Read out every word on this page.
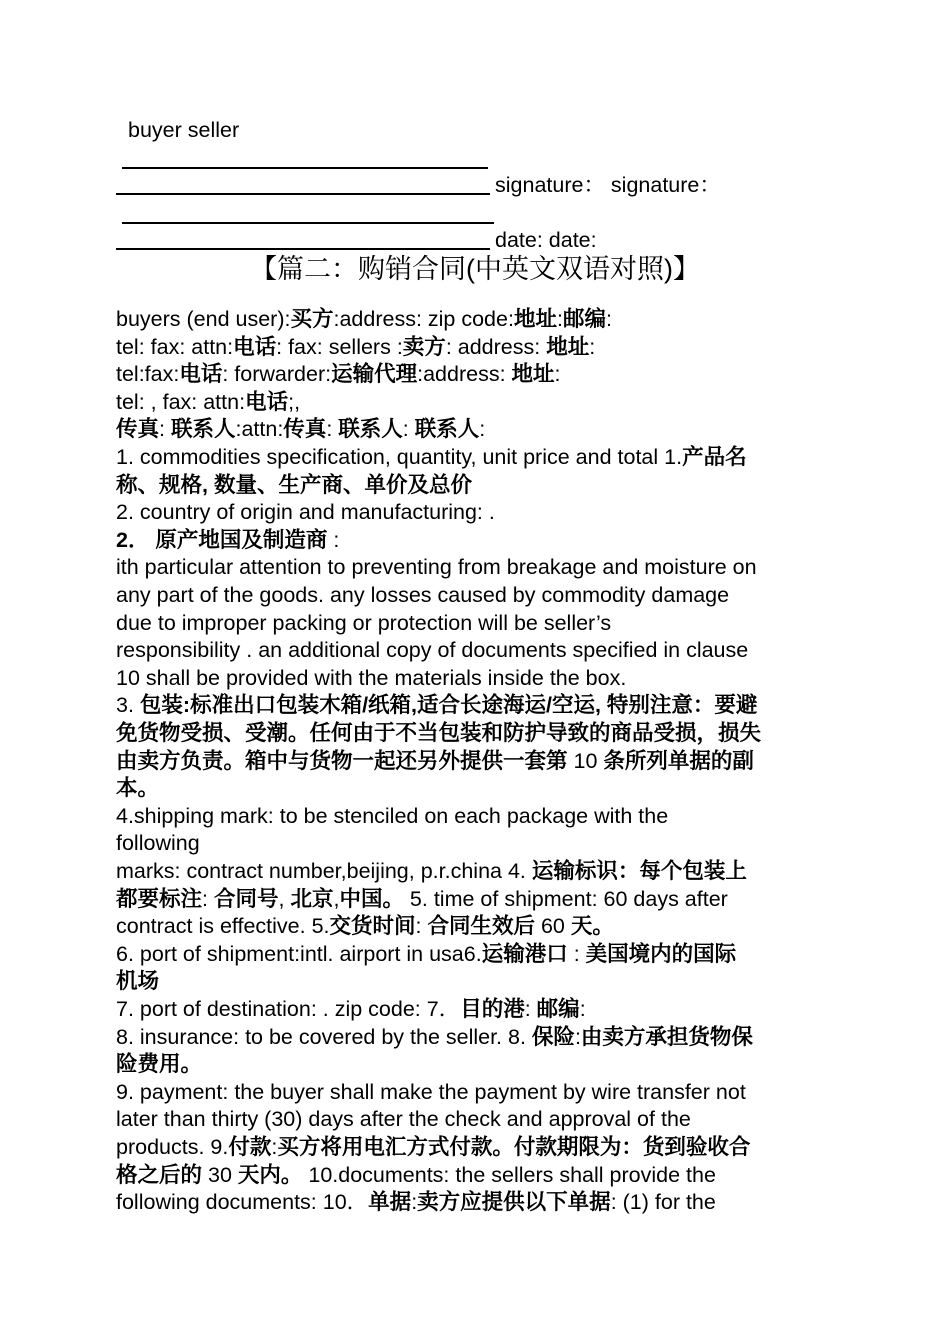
buyer seller
signature： signature：
date: date:
【篇二：购销合同(中英文双语对照)】
buyers (end user):买方:address: zip code:地址:邮编:
tel: fax: attn:电话: fax: sellers :卖方: address: 地址:
tel:fax:电话: forwarder:运输代理:address: 地址:
tel: , fax: attn:电话;,
传真: 联系人:attn:传真: 联系人: 联系人:
1. commodities specification, quantity, unit price and total 1.产品名
称、规格, 数量、生产商、单价及总价
2. country of origin and manufacturing: .
2． 原产地国及制造商 :
ith particular attention to preventing from breakage and moisture on
any part of the goods. any losses caused by commodity damage
due to improper packing or protection will be seller’s
responsibility . an additional copy of documents specified in clause
10 shall be provided with the materials inside the box.
3. 包装:标准出口包装木箱/纸箱,适合长途海运/空运, 特别注意：要避
免货物受损、受潮。任何由于不当包装和防护导致的商品受损，损失
由卖方负责。箱中与货物一起还另外提供一套第 10 条所列单据的副
本。
4.shipping mark: to be stenciled on each package with the
following
marks: contract number,beijing, p.r.china 4. 运输标识：每个包装上
都要标注: 合同号, 北京,中国。 5. time of shipment: 60 days after
contract is effective. 5.交货时间: 合同生效后 60 天。
6. port of shipment:intl. airport in usa6.运输港口 : 美国境内的国际
机场
7. port of destination: . zip code: 7．目的港: 邮编:
8. insurance: to be covered by the seller. 8. 保险:由卖方承担货物保
险费用。
9. payment: the buyer shall make the payment by wire transfer not
later than thirty (30) days after the check and approval of the
products. 9.付款:买方将用电汇方式付款。付款期限为：货到验收合
格之后的 30 天内。 10.documents: the sellers shall provide the
following documents: 10．单据:卖方应提供以下单据: (1) for the
